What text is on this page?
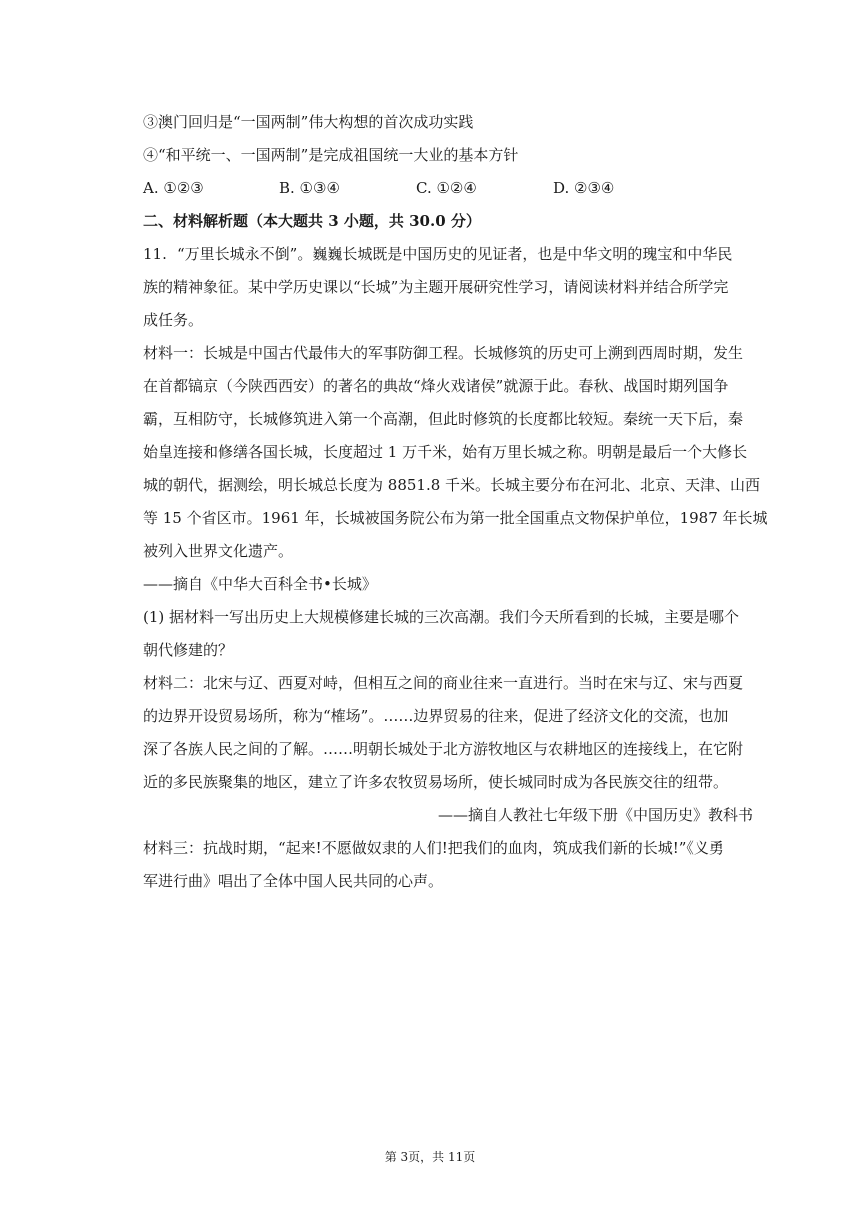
③澳门回归是“一国两制”伟大构想的首次成功实践
④“和平统一、一国两制”是完成祖国统一大业的基本方针
A. ①②③	B. ①③④	C. ①②④	D. ②③④
二、材料解析题（本大题共 3 小题，共 30.0 分）
11. “万里长城永不倒”。巍巍长城既是中国历史的见证者，也是中华文明的瑰宝和中华民
族的精神象征。某中学历史课以“长城”为主题开展研究性学习，请阅读材料并结合所学完
成任务。
材料一：长城是中国古代最伟大的军事防御工程。长城修筑的历史可上溯到西周时期，发生
在首都镐京（今陕西西安）的著名的典故“烽火戏诸侯”就源于此。春秋、战国时期列国争
霸，互相防守，长城修筑进入第一个高潮，但此时修筑的长度都比较短。秦统一天下后，秦
始皇连接和修缮各国长城，长度超过 1 万千米，始有万里长城之称。明朝是最后一个大修长
城的朝代，据测绘，明长城总长度为 8851.8 千米。长城主要分布在河北、北京、天津、山西
等 15 个省区市。1961 年，长城被国务院公布为第一批全国重点文物保护单位，1987 年长城
被列入世界文化遗产。
——摘自《中华大百科全书•长城》
(1) 据材料一写出历史上大规模修建长城的三次高潮。我们今天所看到的长城，主要是哪个
朝代修建的？
材料二：北宋与辽、西夏对峙，但相互之间的商业往来一直进行。当时在宋与辽、宋与西夏
的边界开设贸易场所，称为“榷场”。……边界贸易的往来，促进了经济文化的交流，也加
深了各族人民之间的了解。……明朝长城处于北方游牧地区与农耕地区的连接线上，在它附
近的多民族聚集的地区，建立了许多农牧贸易场所，使长城同时成为各民族交往的纽带。
——摘自人教社七年级下册《中国历史》教科书
材料三：抗战时期，“起来!不愿做奴隶的人们!把我们的血肉，筑成我们新的长城!”《义勇
军进行曲》唱出了全体中国人民共同的心声。
第 3页，共 11页
